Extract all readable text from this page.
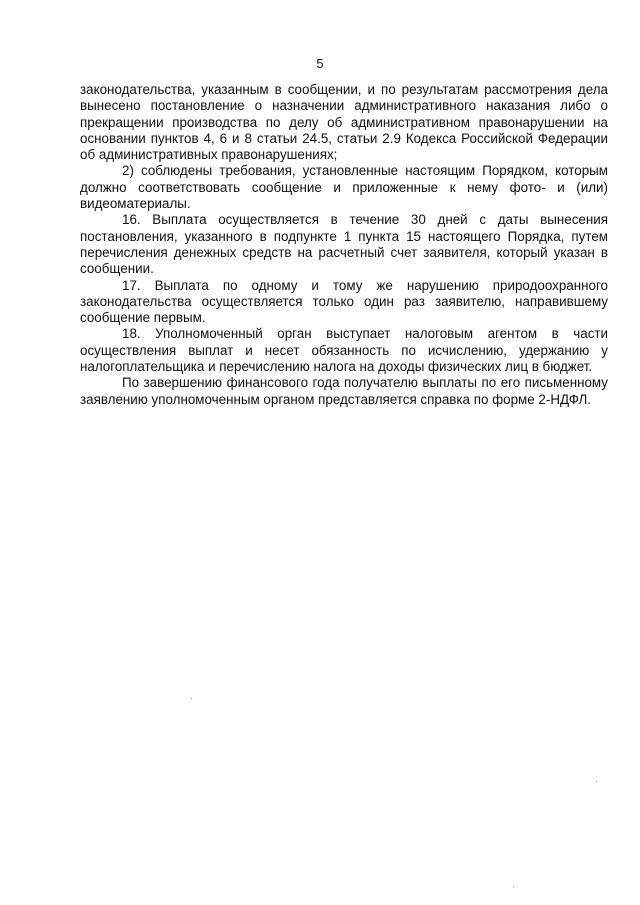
5

законодательства, указанным в сообщении, и по результатам рассмотрения дела вынесено постановление о назначении административного наказания либо о прекращении производства по делу об административном правонарушении на основании пунктов 4, 6 и 8 статьи 24.5, статьи 2.9 Кодекса Российской Федерации об административных правонарушениях;

2) соблюдены требования, установленные настоящим Порядком, которым должно соответствовать сообщение и приложенные к нему фото- и (или) видеоматериалы.

16. Выплата осуществляется в течение 30 дней с даты вынесения постановления, указанного в подпункте 1 пункта 15 настоящего Порядка, путем перечисления денежных средств на расчетный счет заявителя, который указан в сообщении.

17. Выплата по одному и тому же нарушению природоохранного законодательства осуществляется только один раз заявителю, направившему сообщение первым.

18. Уполномоченный орган выступает налоговым агентом в части осуществления выплат и несет обязанность по исчислению, удержанию у налогоплательщика и перечислению налога на доходы физических лиц в бюджет.

По завершению финансового года получателю выплаты по его письменному заявлению уполномоченным органом представляется справка по форме 2-НДФЛ.
